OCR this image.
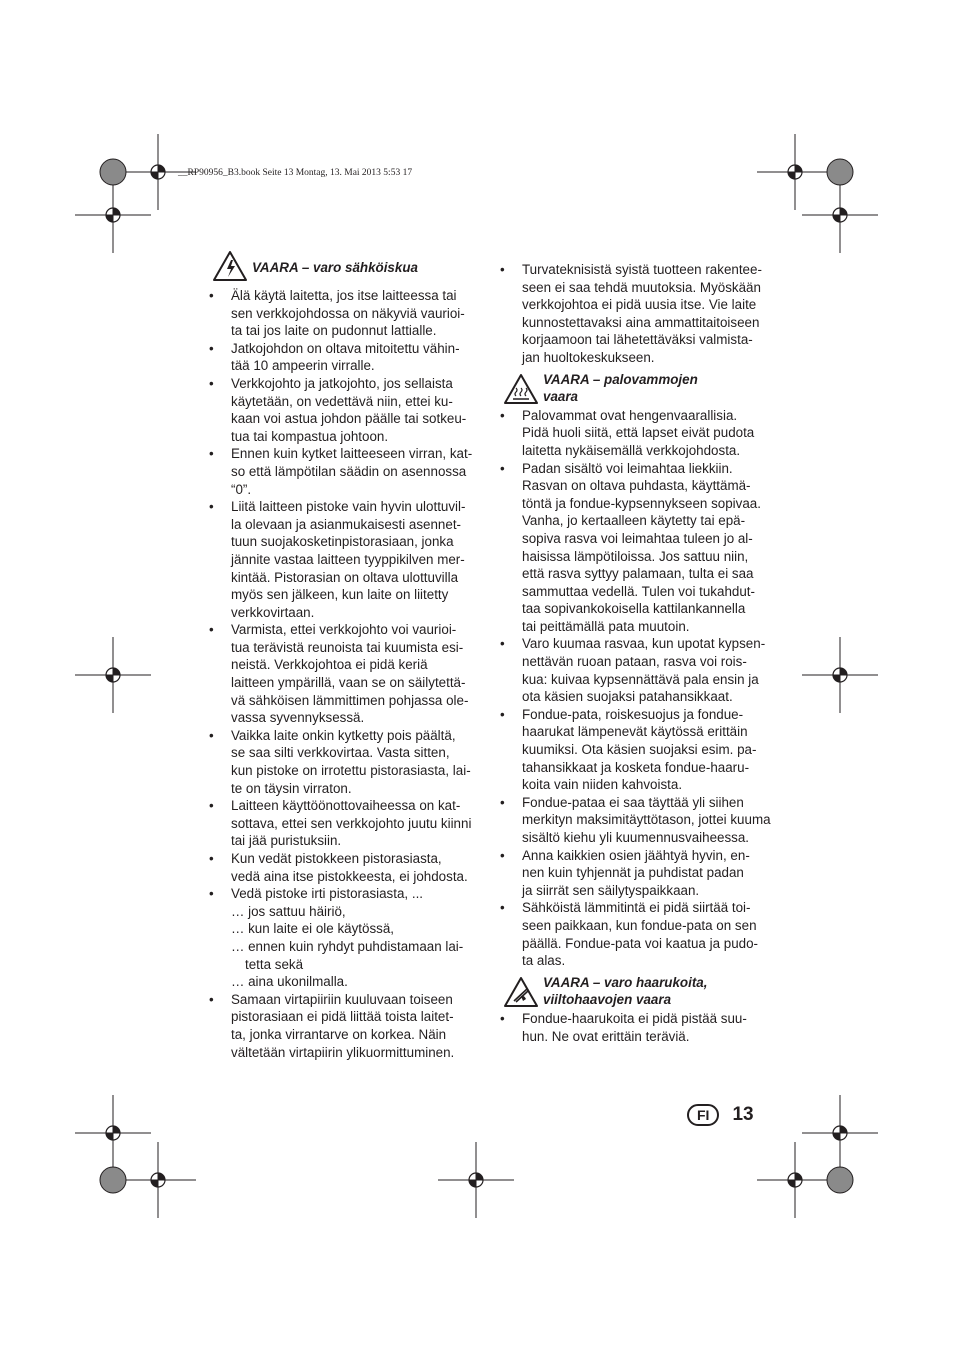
__RP90956_B3.book Seite 13 Montag, 13. Mai 2013 5:53 17
VAARA – varo sähköiskua
• Älä käytä laitetta, jos itse laitteessa tai
sen verkkojohdossa on näkyviä vaurioi-
ta tai jos laite on pudonnut lattialle.
• Jatkojohdon on oltava mitoitettu vähin-
tää 10 ampeerin virralle.
• Verkkojohto ja jatkojohto, jos sellaista
käytetään, on vedettävä niin, ettei ku-
kaan voi astua johdon päälle tai sotkeu-
tua tai kompastua johtoon.
• Ennen kuin kytket laitteeseen virran, kat-
so että lämpötilan säädin on asennossa
“0”.
• Liitä laitteen pistoke vain hyvin ulottuvil-
la olevaan ja asianmukaisesti asennet-
tuun suojakosketinpistorasiaan, jonka
jännite vastaa laitteen tyyppikilven mer-
kintää. Pistorasian on oltava ulottuvilla
myös sen jälkeen, kun laite on liitetty
verkkovirtaan.
• Varmista, ettei verkkojohto voi vaurioi-
tua terävistä reunoista tai kuumista esi-
neistä. Verkkojohtoa ei pidä keriä
laitteen ympärillä, vaan se on säilytettä-
vä sähköisen lämmittimen pohjassa ole-
vassa syvennyksessä.
• Vaikka laite onkin kytketty pois päältä,
se saa silti verkkovirtaa. Vasta sitten,
kun pistoke on irrotettu pistorasiasta, lai-
te on täysin virraton.
• Laitteen käyttöönottovaiheessa on kat-
sottava, ettei sen verkkojohto juutu kiinni
tai jää puristuksiin.
• Kun vedät pistokkeen pistorasiasta,
vedä aina itse pistokkeesta, ei johdosta.
• Vedä pistoke irti pistorasiasta, ...
… jos sattuu häiriö,
… kun laite ei ole käytössä,
… ennen kuin ryhdyt puhdistamaan lai-
tetta sekä
… aina ukonilmalla.
• Samaan virtapiiriin kuuluvaan toiseen
pistorasiaan ei pidä liittää toista laitet-
ta, jonka virrantarve on korkea. Näin
vältetään virtapiirin ylikuormittuminen.
• Turvateknisistä syistä tuotteen rakentee-
seen ei saa tehdä muutoksia. Myöskään
verkkojohtoa ei pidä uusia itse. Vie laite
kunnostettavaksi aina ammattitaitoiseen
korjaamoon tai lähetettäväksi valmista-
jan huoltokeskukseen.
VAARA – palovammojen
vaara
• Palovammat ovat hengenvaarallisia.
Pidä huoli siitä, että lapset eivät pudota
laitetta nykäisemällä verkkojohdosta.
• Padan sisältö voi leimahtaa liekkiin.
Rasvan on oltava puhdasta, käyttämä-
töntä ja fondue-kypsennykseen sopivaa.
Vanha, jo kertaalleen käytetty tai epä-
sopiva rasva voi leimahtaa tuleen jo al-
haisissa lämpötiloissa. Jos sattuu niin,
että rasva syttyy palamaan, tulta ei saa
sammuttaa vedellä. Tulen voi tukahdut-
taa sopivankokoisella kattilankannella
tai peittämällä pata muutoin.
• Varo kuumaa rasvaa, kun upotat kypsen-
nettävän ruoan pataan, rasva voi rois-
kua: kuivaa kypsennättävä pala ensin ja
ota käsien suojaksi patahansikkaat.
• Fondue-pata, roiskesuojus ja fondue-
haarukat lämpenevät käytössä erittäin
kuumiksi. Ota käsien suojaksi esim. pa-
tahansikkaat ja kosketa fondue-haaru-
koita vain niiden kahvoista.
• Fondue-pataa ei saa täyttää yli siihen
merkityn maksimitäyttötason, jottei kuuma
sisältö kiehu yli kuumennusvaiheessa.
• Anna kaikkien osien jäähtyä hyvin, en-
nen kuin tyhjennät ja puhdistat padan
ja siirrät sen säilytyspaikkaan.
• Sähköistä lämmitintä ei pidä siirtää toi-
seen paikkaan, kun fondue-pata on sen
päällä. Fondue-pata voi kaatua ja pudo-
ta alas.
VAARA – varo haarukoita,
viiltohaavojen vaara
• Fondue-haarukoita ei pidä pistää suu-
hun. Ne ovat erittäin teräviä.
FI	13
